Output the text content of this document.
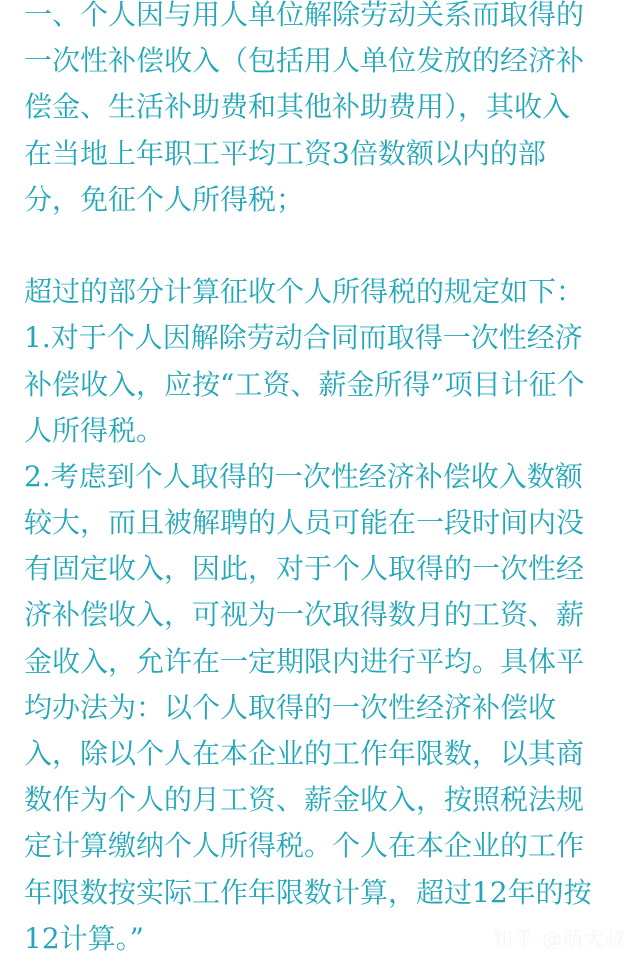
一、个人因与用人单位解除劳动关系而取得的
一次性补偿收入（包括用人单位发放的经济补
偿金、生活补助费和其他补助费用），其收入
在当地上年职工平均工资3倍数额以内的部
分，免征个人所得税；
超过的部分计算征收个人所得税的规定如下：
1.对于个人因解除劳动合同而取得一次性经济
补偿收入，应按“工资、薪金所得”项目计征个
人所得税。
2.考虑到个人取得的一次性经济补偿收入数额
较大，而且被解聘的人员可能在一段时间内没
有固定收入，因此，对于个人取得的一次性经
济补偿收入，可视为一次取得数月的工资、薪
金收入，允许在一定期限内进行平均。具体平
均办法为：以个人取得的一次性经济补偿收
入，除以个人在本企业的工作年限数，以其商
数作为个人的月工资、薪金收入，按照税法规
定计算缴纳个人所得税。个人在本企业的工作
年限数按实际工作年限数计算，超过12年的按
12计算。”	知乎 @萌大叔
